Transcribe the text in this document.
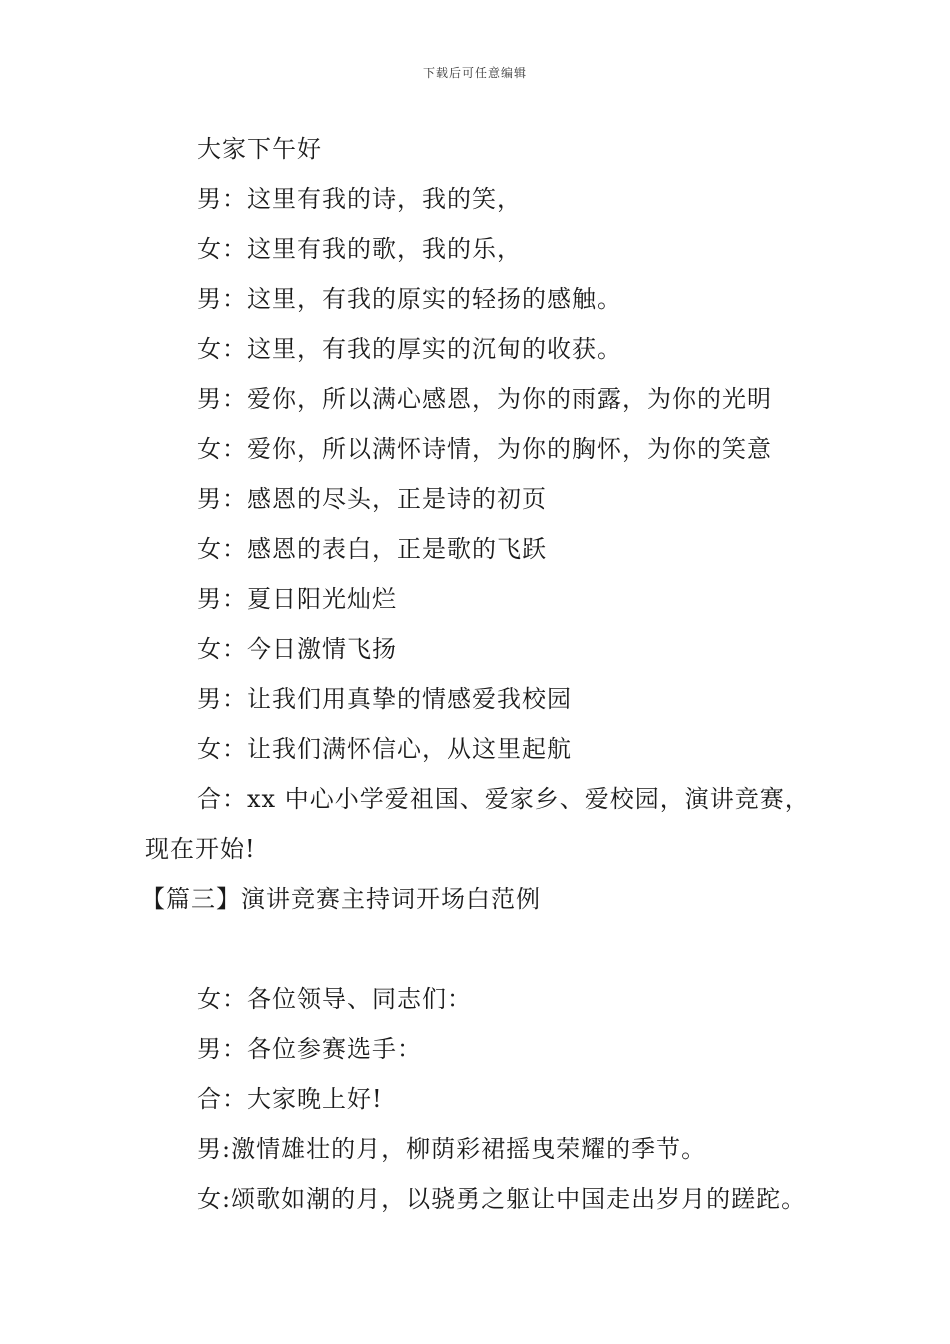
下载后可任意编辑
大家下午好
男：这里有我的诗，我的笑，
女：这里有我的歌，我的乐，
男：这里，有我的原实的轻扬的感触。
女：这里，有我的厚实的沉甸的收获。
男：爱你，所以满心感恩，为你的雨露，为你的光明
女：爱你，所以满怀诗情，为你的胸怀，为你的笑意
男：感恩的尽头，正是诗的初页
女：感恩的表白，正是歌的飞跃
男：夏日阳光灿烂
女：今日激情飞扬
男：让我们用真挚的情感爱我校园
女：让我们满怀信心，从这里起航
合：xx 中心小学爱祖国、爱家乡、爱校园，演讲竞赛，
现在开始!
【篇三】演讲竞赛主持词开场白范例
女：各位领导、同志们：
男：各位参赛选手：
合：大家晚上好!
男:激情雄壮的月，柳荫彩裙摇曳荣耀的季节。
女:颂歌如潮的月，以骁勇之躯让中国走出岁月的蹉跎。
